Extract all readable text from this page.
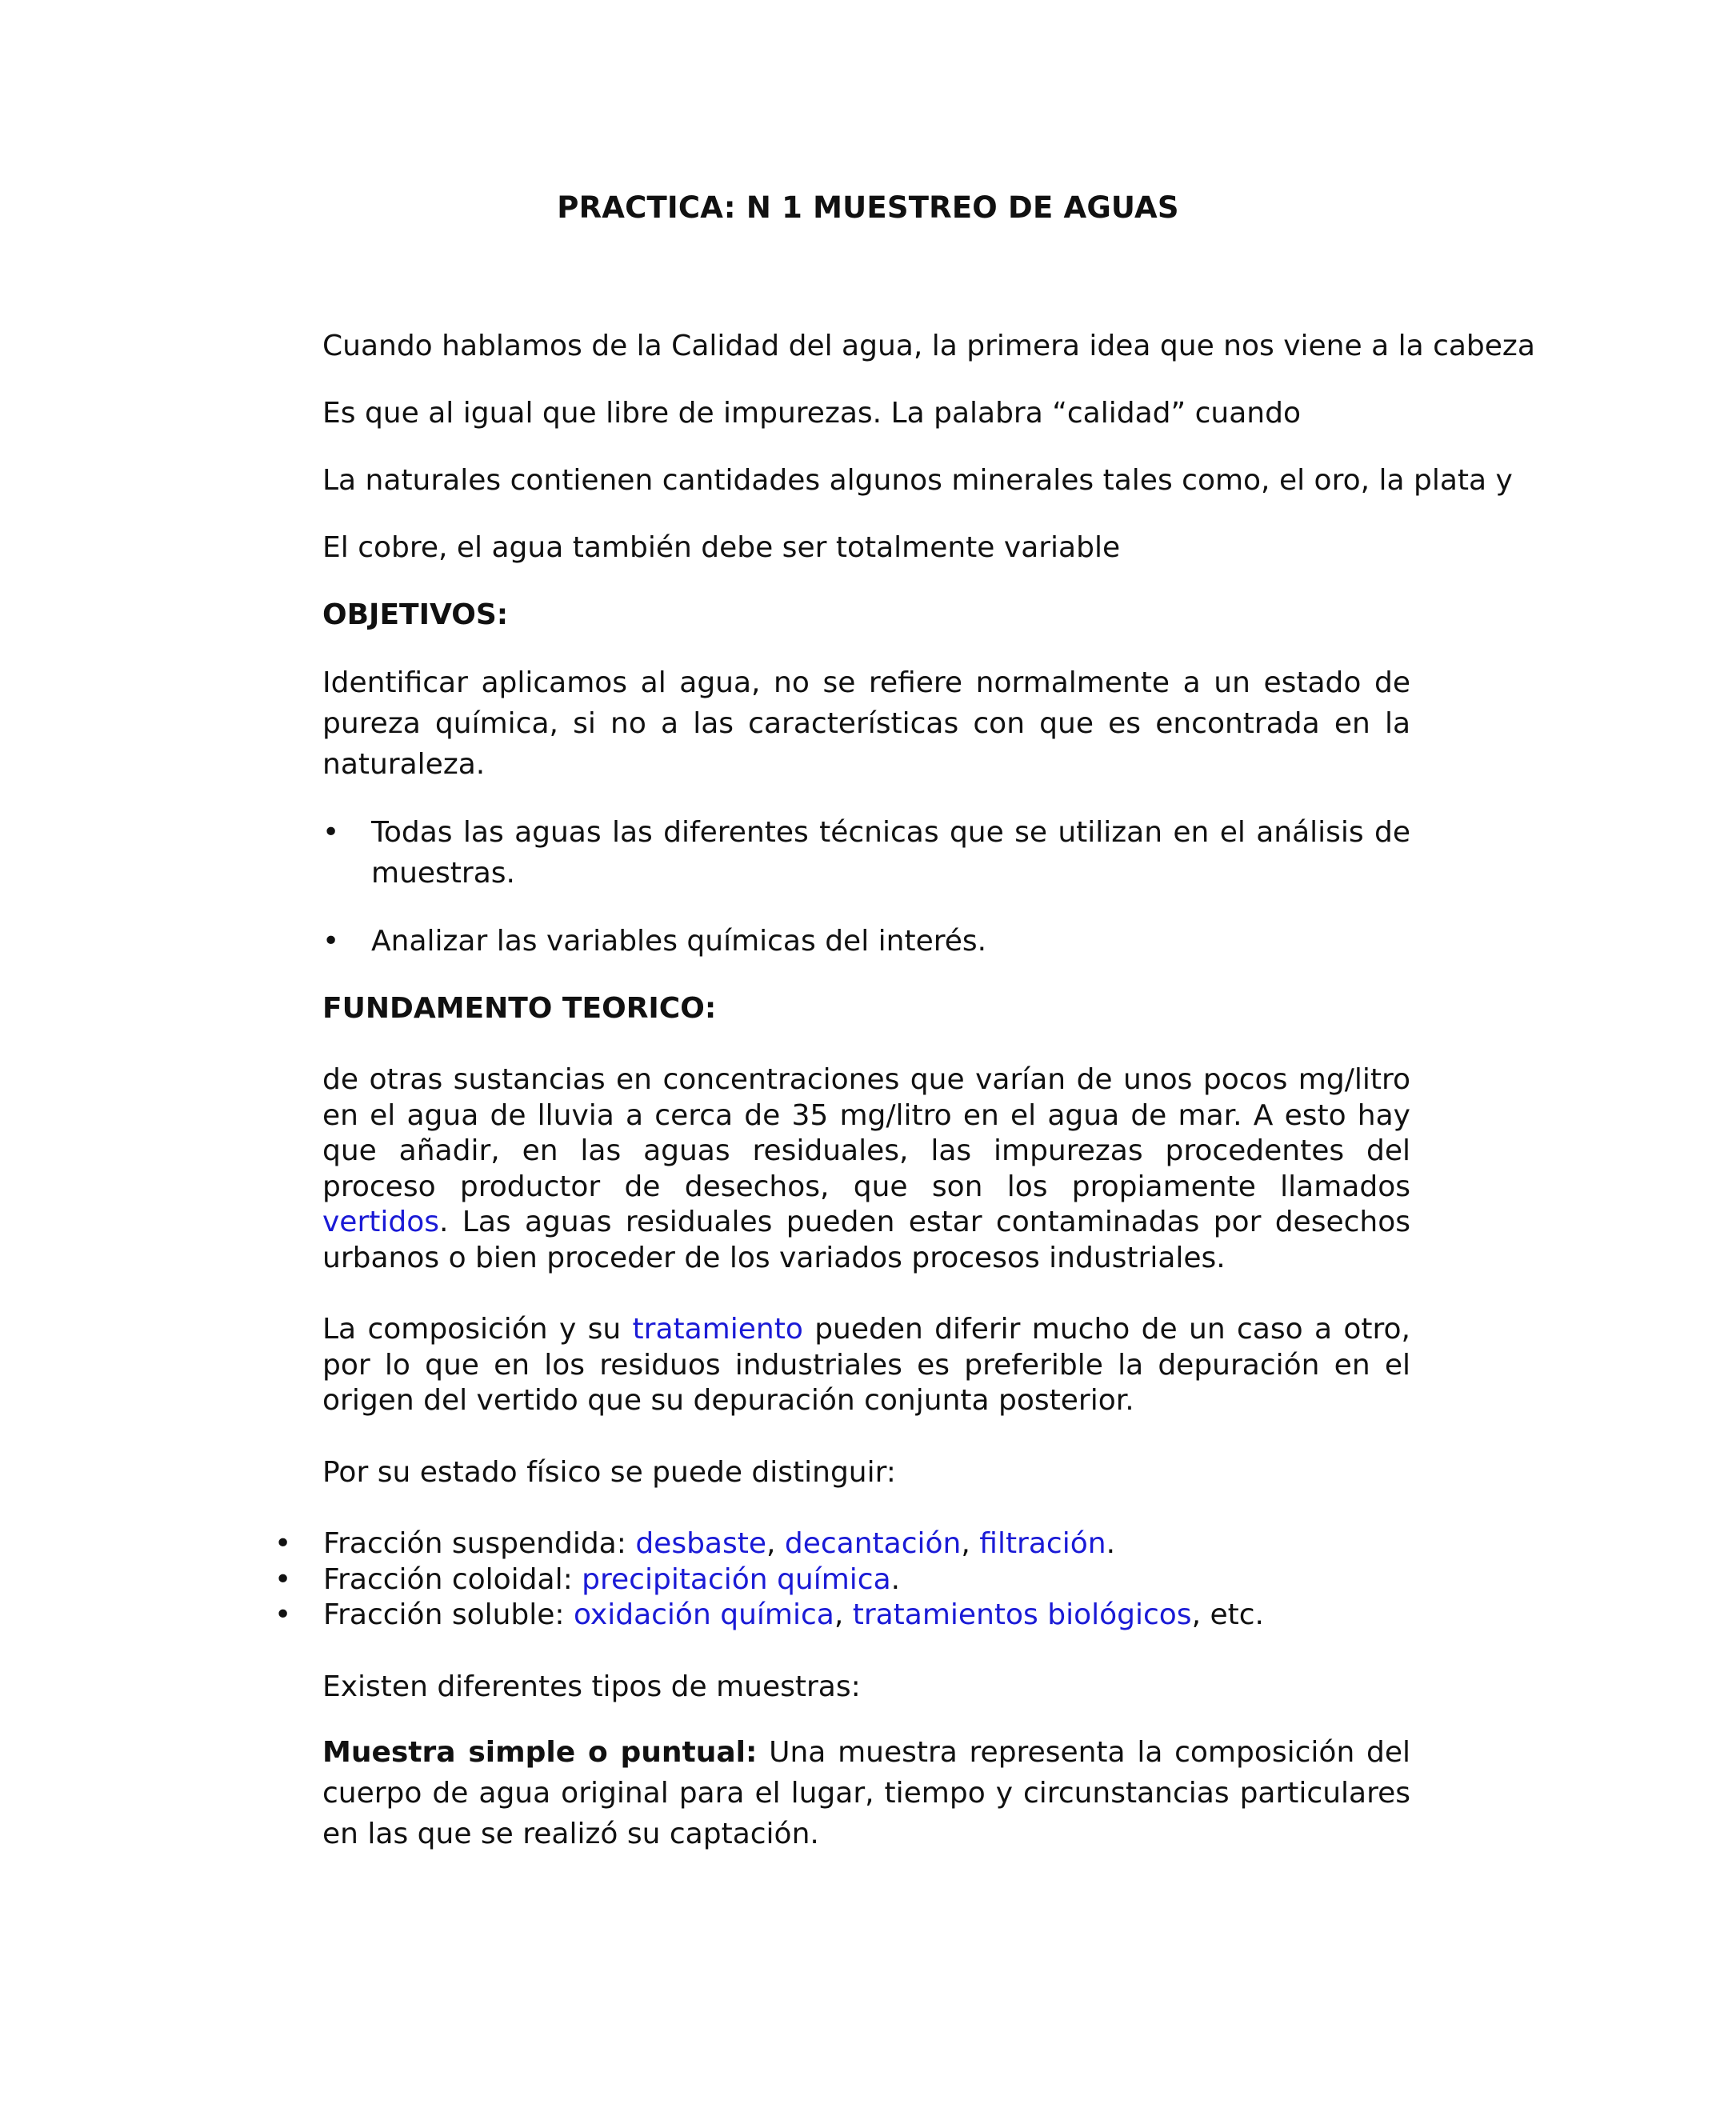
PRACTICA: N 1 MUESTREO DE AGUAS

Cuando hablamos de la Calidad del agua, la primera idea que nos viene a la cabeza

Es que al igual que libre de impurezas. La palabra “calidad” cuando

La naturales contienen cantidades algunos minerales tales como, el oro, la plata y

El cobre, el agua también debe ser totalmente variable

OBJETIVOS:

Identificar aplicamos al agua, no se refiere normalmente a un estado de pureza química, si no a las características con que es encontrada en la naturaleza.

• Todas las aguas las diferentes técnicas que se utilizan en el análisis de muestras.
• Analizar las variables químicas del interés.

FUNDAMENTO TEORICO:

de otras sustancias en concentraciones que varían de unos pocos mg/litro en el agua de lluvia a cerca de 35 mg/litro en el agua de mar. A esto hay que añadir, en las aguas residuales, las impurezas procedentes del proceso productor de desechos, que son los propiamente llamados vertidos. Las aguas residuales pueden estar contaminadas por desechos urbanos o bien proceder de los variados procesos industriales.

La composición y su tratamiento pueden diferir mucho de un caso a otro, por lo que en los residuos industriales es preferible la depuración en el origen del vertido que su depuración conjunta posterior.

Por su estado físico se puede distinguir:

• Fracción suspendida: desbaste, decantación, filtración.
• Fracción coloidal: precipitación química.
• Fracción soluble: oxidación química, tratamientos biológicos, etc.

Existen diferentes tipos de muestras:

Muestra simple o puntual: Una muestra representa la composición del cuerpo de agua original para el lugar, tiempo y circunstancias particulares en las que se realizó su captación.
